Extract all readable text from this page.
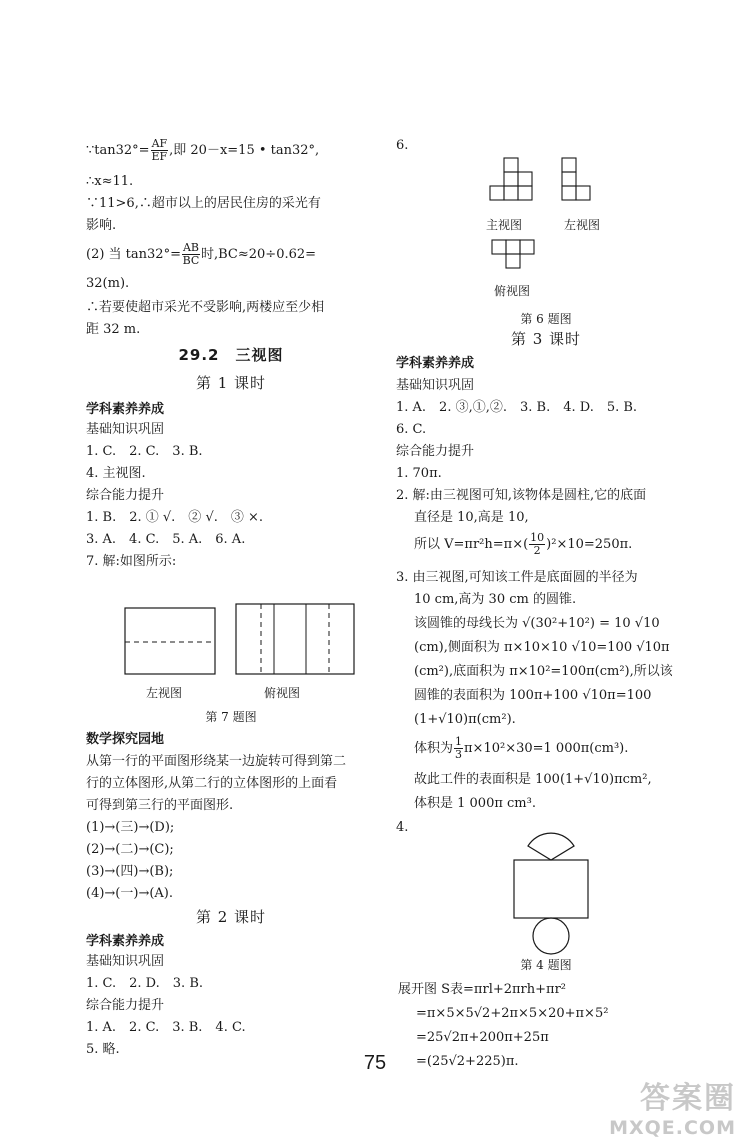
∵tan32°= $\frac{AF}{EF}$ ,即 20－x=15 • tan32°,
∴x≈11.
∵11>6,∴超市以上的居民住房的采光有
影响.
(2) 当 $\tan 32^\circ= \frac{AB}{BC}$ 时,BC≈20÷0.62=
32(m).
∴若要使超市采光不受影响,两楼应至少相
距 32 m.
29.2　三视图
第 1 课时
学科素养养成
基础知识巩固
1. C.　2. C.　3. B.
4. 主视图.
综合能力提升
1. B.　2. ① √.　② √.　③ ×.
3. A.　4. C.　5. A.　6. A.
7. 解:如图所示:
左视图	俯视图
第 7 题图
数学探究园地
从第一行的平面图形绕某一边旋转可得到第二
行的立体图形,从第二行的立体图形的上面看
可得到第三行的平面图形.
(1)→(三)→(D);
(2)→(二)→(C);
(3)→(四)→(B);
(4)→(一)→(A).
第 2 课时
学科素养养成
基础知识巩固
1. C.　2. D.　3. B.
综合能力提升
1. A.　2. C.　3. B.　4. C.
5. 略.
6.
主视图	左视图
俯视图
第 6 题图
第 3 课时
学科素养养成
基础知识巩固
1. A.　2. ③,①,②.　3. B.　4. D.　5. B.
6. C.
综合能力提升
1. 70π.
2. 解:由三视图可知,该物体是圆柱,它的底面
直径是 10,高是 10,
所以 $V=\pi r^2h=\pi\times( \frac{10}{2} )^2\times 10=250\pi$.
3. 由三视图,可知该工件是底面圆的半径为
10 cm,高为 30 cm 的圆锥.
该圆锥的母线长为 √(30²+10²) = 10 √10
(cm),侧面积为 π×10×10 √10=100 √10π
(cm²),底面积为 π×10²=100π(cm²),所以该
圆锥的表面积为 100π+100 √10π=100
(1+√10)π(cm²).
体积为 $\frac{1}{3} \pi\times 10^2\times 30=1$ 000π(cm³).
故此工件的表面积是 100(1+√10)πcm²,
体积是 1 000π cm³.
4.
第 4 题图
展开图 S表=πrl+2πrh+πr²
=π×5×5√2+2π×5×20+π×5²
=25√2π+200π+25π
=(25√2+225)π.
75
答案圈
MXQE.COM
